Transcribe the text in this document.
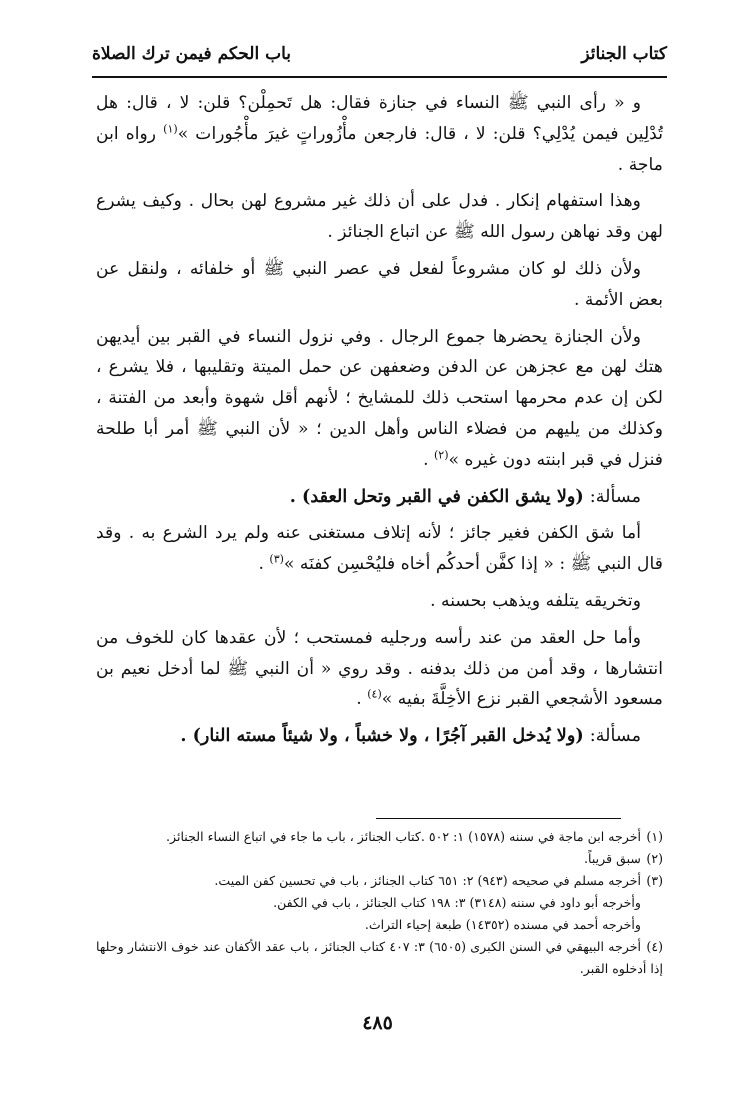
كتاب الجنائز
باب الحكم فيمن ترك الصلاة

و « رأى النبي ﷺ النساء في جنازة فقال: هل تَحمِلْن؟ قلن: لا ، قال: هل تُدْلِين فيمن يُدْلِي؟ قلن: لا ، قال: فارجعن مأْزُوراتٍ غيرَ مأْجُورات »$^{(١)}$ رواه ابن ماجة .

وهذا استفهام إنكار . فدل على أن ذلك غير مشروع لهن بحال . وكيف يشرع لهن وقد نهاهن رسول الله ﷺ عن اتباع الجنائز .

ولأن ذلك لو كان مشروعاً لفعل في عصر النبي ﷺ أو خلفائه ، ولنقل عن بعض الأئمة .

ولأن الجنازة يحضرها جموع الرجال . وفي نزول النساء في القبر بين أيديهن هتك لهن مع عجزهن عن الدفن وضعفهن عن حمل الميتة وتقليبها ، فلا يشرع ، لكن إن عدم محرمها استحب ذلك للمشايخ ؛ لأنهم أقل شهوة وأبعد من الفتنة ، وكذلك من يليهم من فضلاء الناس وأهل الدين ؛ « لأن النبي ﷺ أمر أبا طلحة فنزل في قبر ابنته دون غيره »$^{(٢)}$ .

مسألة: (ولا يشق الكفن في القبر وتحل العقد) .

أما شق الكفن فغير جائز ؛ لأنه إتلاف مستغنى عنه ولم يرد الشرع به . وقد قال النبي ﷺ : « إذا كفَّن أحدكُم أخاه فليُحْسِن كفنَه »$^{(٣)}$ .

وتخريقه يتلفه ويذهب بحسنه .

وأما حل العقد من عند رأسه ورجليه فمستحب ؛ لأن عقدها كان للخوف من انتشارها ، وقد أمن من ذلك بدفنه . وقد روي « أن النبي ﷺ لما أدخل نعيم بن مسعود الأشجعي القبر نزع الأخِلَّةَ بفيه »$^{(٤)}$ .

مسألة: (ولا يُدخل القبر آجُرًا ، ولا خشباً ، ولا شيئاً مسته النار) .

(١)أخرجه ابن ماجة في سننه (١٥٧٨) ١: ٥٠٢ .كتاب الجنائز ، باب ما جاء في اتباع النساء الجنائز.

(٢)سبق قريباً.

(٣)أخرجه مسلم في صحيحه (٩٤٣) ٢: ٦٥١ كتاب الجنائز ، باب في تحسين كفن الميت.

وأخرجه أبو داود في سننه (٣١٤٨) ٣: ١٩٨ كتاب الجنائز ، باب في الكفن.

وأخرجه أحمد في مسنده (١٤٣٥٢) طبعة إحياء التراث.

(٤)أخرجه البيهقي في السنن الكبرى (٦٥٠٥) ٣: ٤٠٧ كتاب الجنائز ، باب عقد الأكفان عند خوف الانتشار وحلها إذا أدخلوه القبر.

٤٨٥
